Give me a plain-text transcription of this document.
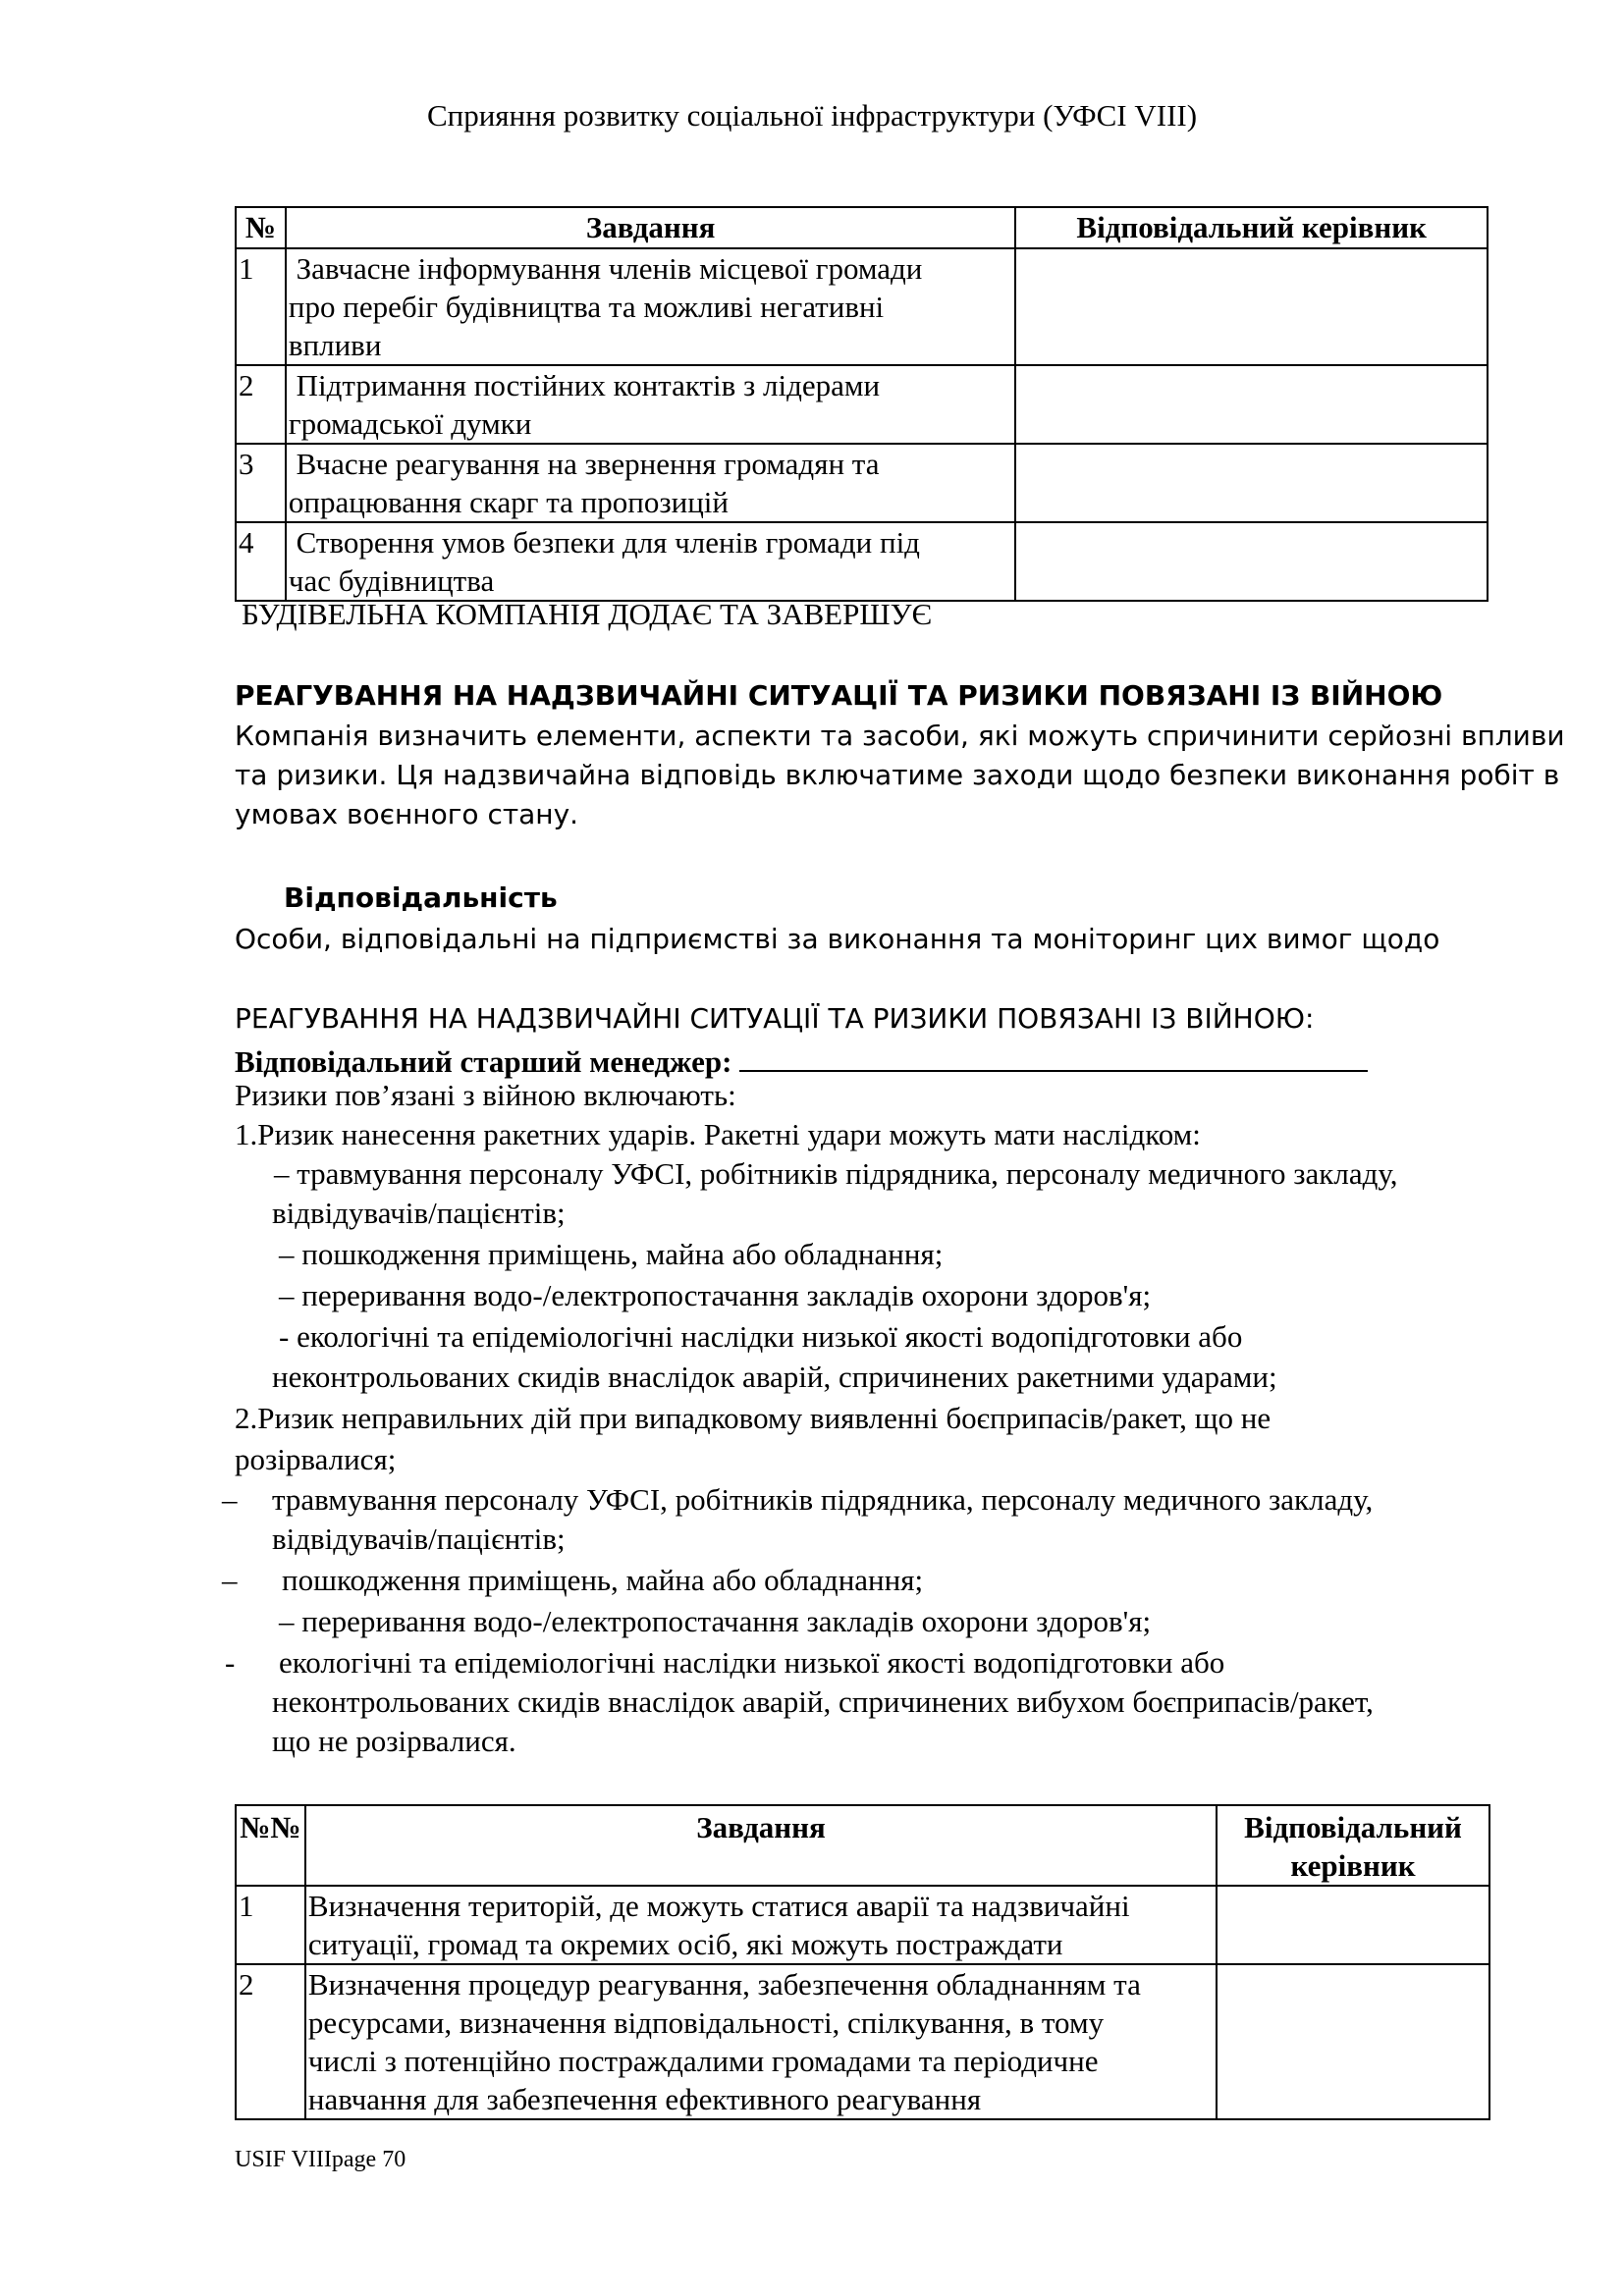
Сприяння розвитку соціальної інфраструктури (УФСІ VIII)
№	Завдання	Відповідальний керівник
1	Завчасне інформування членів місцевої громади
про перебіг будівництва та можливі негативні
впливи	

2	Підтримання постійних контактів з лідерами
громадської думки	

3	Вчасне реагування на звернення громадян та
опрацювання скарг та пропозицій	

4	Створення умов безпеки для членів громади під
час будівництва	

БУДІВЕЛЬНА КОМПАНІЯ ДОДАЄ ТА ЗАВЕРШУЄ
РЕАГУВАННЯ НА НАДЗВИЧАЙНІ СИТУАЦІЇ ТА РИЗИКИ ПОВЯЗАНІ ІЗ ВІЙНОЮ
Компанія визначить елементи, аспекти та засоби, які можуть спричинити серйозні впливи
та ризики. Ця надзвичайна відповідь включатиме заходи щодо безпеки виконання робіт в
умовах воєнного стану.
Відповідальність
Особи, відповідальні на підприємстві за виконання та моніторинг цих вимог щодо
РЕАГУВАННЯ НА НАДЗВИЧАЙНІ СИТУАЦІЇ ТА РИЗИКИ ПОВЯЗАНІ ІЗ ВІЙНОЮ:
Відповідальний старший менеджер:
Ризики пов’язані з війною включають:
1.Ризик нанесення ракетних ударів. Ракетні удари можуть мати наслідком:
– травмування персоналу УФСІ, робітників підрядника, персоналу медичного закладу,
відвідувачів/пацієнтів;
– пошкодження приміщень, майна або обладнання;
– переривання водо-/електропостачання закладів охорони здоров'я;
- екологічні та епідеміологічні наслідки низької якості водопідготовки або
неконтрольованих скидів внаслідок аварій, спричинених ракетними ударами;
2.Ризик неправильних дій при випадковому виявленні боєприпасів/ракет, що не
розірвалися;
– травмування персоналу УФСІ, робітників підрядника, персоналу медичного закладу,
відвідувачів/пацієнтів;
– пошкодження приміщень, майна або обладнання;
– переривання водо-/електропостачання закладів охорони здоров'я;
- екологічні та епідеміологічні наслідки низької якості водопідготовки або
неконтрольованих скидів внаслідок аварій, спричинених вибухом боєприпасів/ракет,
що не розірвалися.
№№	Завдання	Відповідальний керівник
1	Визначення територій, де можуть статися аварії та надзвичайні
ситуації, громад та окремих осіб, які можуть постраждати	

2	Визначення процедур реагування, забезпечення обладнанням та
ресурсами, визначення відповідальності, спілкування, в тому
числі з потенційно постраждалими громадами та періодичне
навчання для забезпечення ефективного реагування	

USIF VIIIpage 70
